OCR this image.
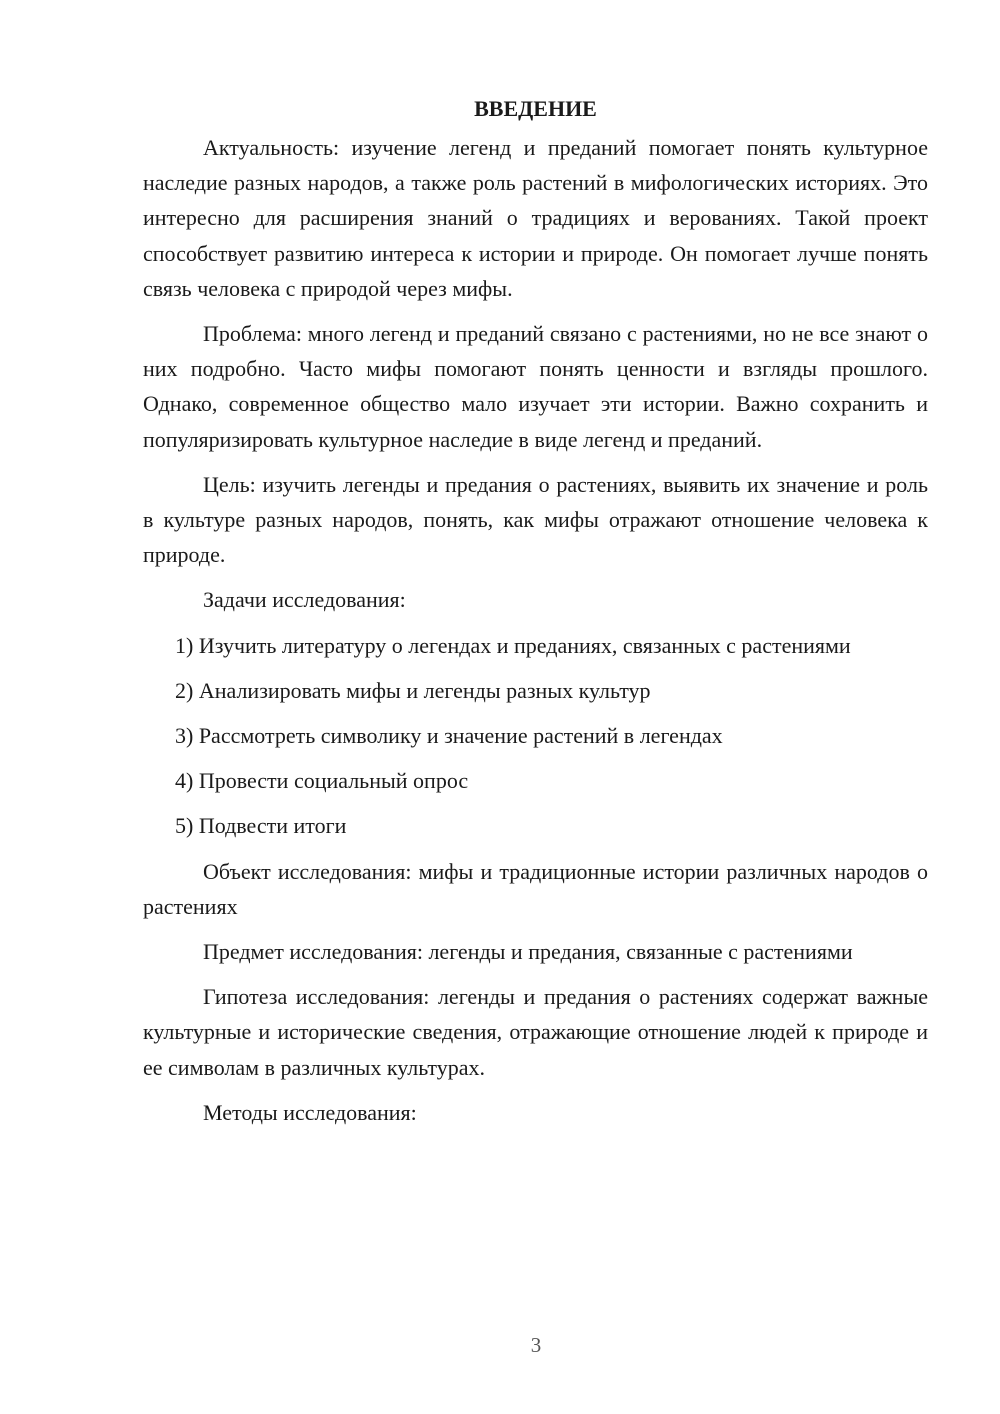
ВВЕДЕНИЕ

Актуальность: изучение легенд и преданий помогает понять культурное наследие разных народов, а также роль растений в мифологических историях. Это интересно для расширения знаний о традициях и верованиях. Такой проект способствует развитию интереса к истории и природе. Он помогает лучше понять связь человека с природой через мифы.

Проблема: много легенд и преданий связано с растениями, но не все знают о них подробно. Часто мифы помогают понять ценности и взгляды прошлого. Однако, современное общество мало изучает эти истории. Важно сохранить и популяризировать культурное наследие в виде легенд и преданий.

Цель: изучить легенды и предания о растениях, выявить их значение и роль в культуре разных народов, понять, как мифы отражают отношение человека к природе.

Задачи исследования:

1) Изучить литературу о легендах и преданиях, связанных с растениями

2) Анализировать мифы и легенды разных культур

3) Рассмотреть символику и значение растений в легендах

4) Провести социальный опрос

5) Подвести итоги

Объект исследования: мифы и традиционные истории различных народов о растениях

Предмет исследования: легенды и предания, связанные с растениями

Гипотеза исследования: легенды и предания о растениях содержат важные культурные и исторические сведения, отражающие отношение людей к природе и ее символам в различных культурах.

Методы исследования:

3
